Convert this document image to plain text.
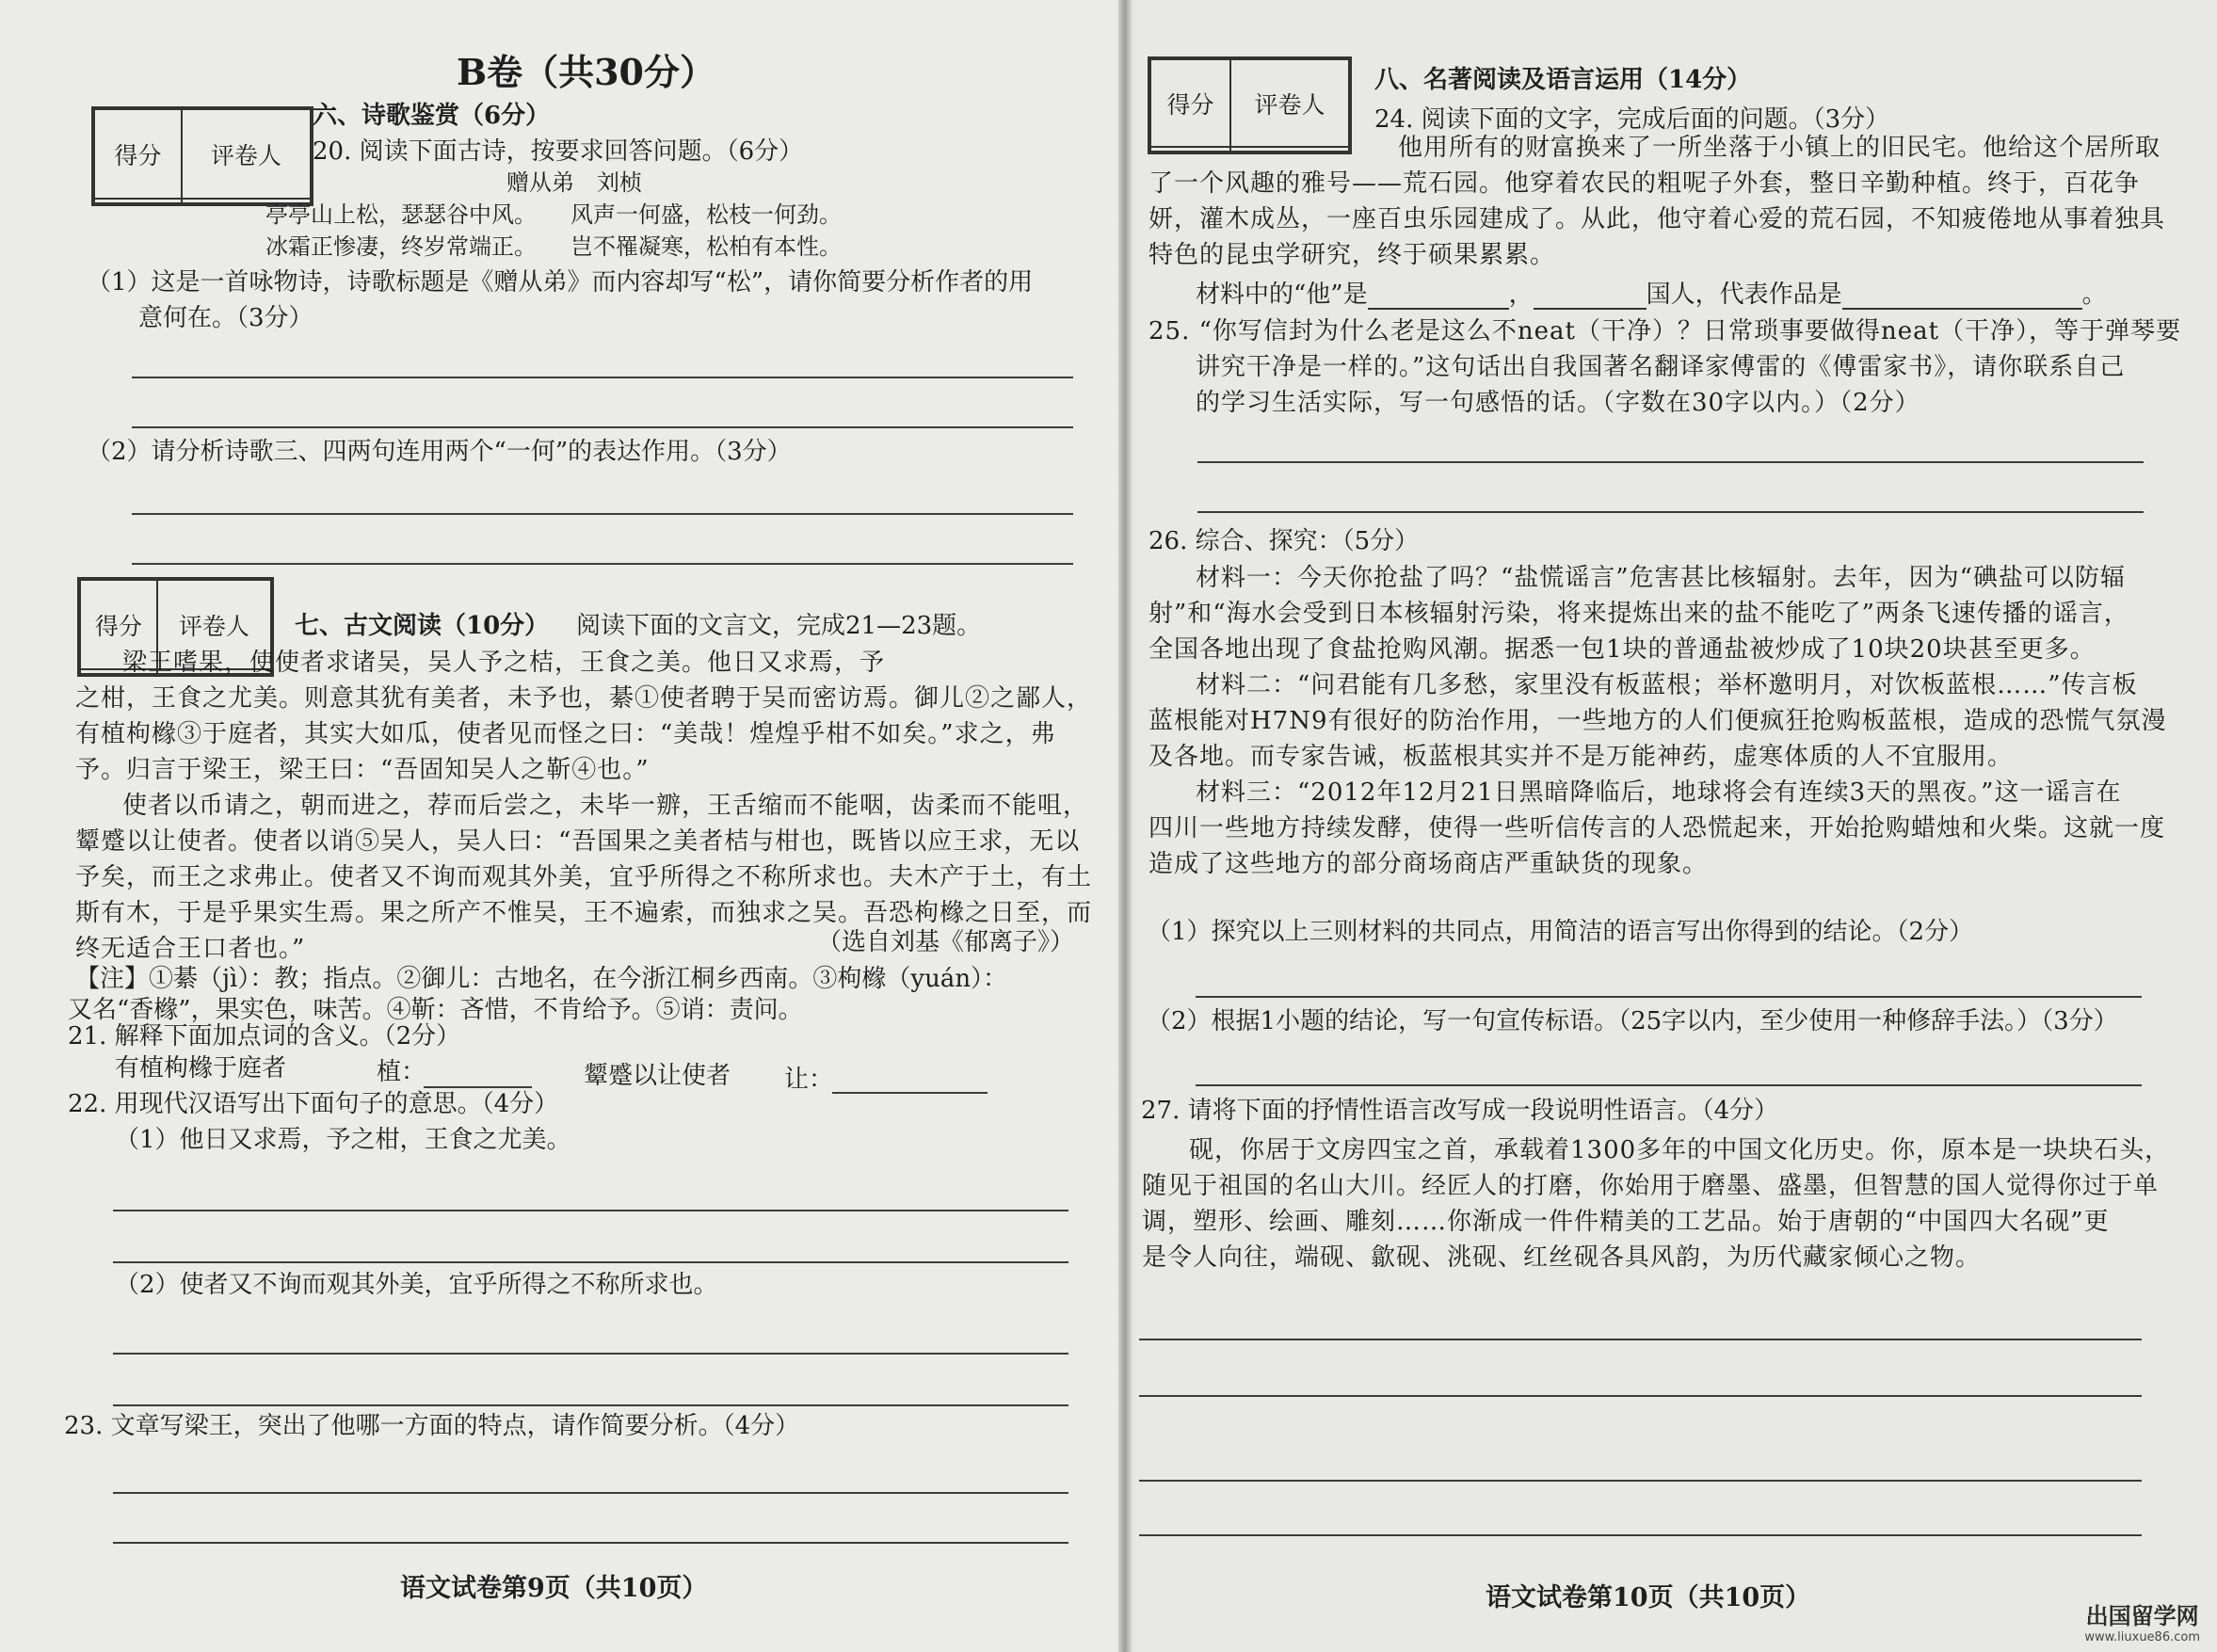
B卷（共30分）
得分	评卷人

六、诗歌鉴赏（6分）
20. 阅读下面古诗，按要求回答问题。（6分）
赠从弟　刘桢
亭亭山上松，瑟瑟谷中风。　　风声一何盛，松枝一何劲。
冰霜正惨凄，终岁常端正。　　岂不罹凝寒，松柏有本性。
（1）这是一首咏物诗，诗歌标题是《赠从弟》而内容却写“松”，请你简要分析作者的用
意何在。（3分）
（2）请分析诗歌三、四两句连用两个“一何”的表达作用。（3分）
得分	评卷人
	七、古文阅读（10分） 阅读下面的文言文，完成21—23题。
梁王嗜果，使使者求诸吴，吴人予之桔，王食之美。他日又求焉，予
之柑，王食之尤美。则意其犹有美者，未予也，綦①使者聘于吴而密访焉。御儿②之鄙人，
有植枸橼③于庭者，其实大如瓜，使者见而怪之曰：“美哉！煌煌乎柑不如矣。”求之，弗
予。归言于梁王，梁王曰：“吾固知吴人之靳④也。”
使者以币请之，朝而进之，荐而后尝之，未毕一辧，王舌缩而不能咽，齿柔而不能咀，
颦蹙以让使者。使者以诮⑤吴人，吴人曰：“吾国果之美者桔与柑也，既皆以应王求，无以
予矣，而王之求弗止。使者又不询而观其外美，宜乎所得之不称所求也。夫木产于土，有土
斯有木，于是乎果实生焉。果之所产不惟吴，王不遍索，而独求之吴。吾恐枸橼之日至，而
终无适合王口者也。”	（选自刘基《郁离子》）
【注】①綦（jì）：教；指点。②御儿：古地名，在今浙江桐乡西南。③枸橼（yuán）：
又名“香橼”，果实色，味苦。④靳：吝惜，不肯给予。⑤诮：责问。
21. 解释下面加点词的含义。（2分）
有植枸橼于庭者	植：	颦蹙以让使者 让：
22. 用现代汉语写出下面句子的意思。（4分）
（1）他日又求焉，予之柑，王食之尤美。
（2）使者又不询而观其外美，宜乎所得之不称所求也。
23. 文章写梁王，突出了他哪一方面的特点，请作简要分析。（4分）
语文试卷第9页（共10页）
得分	评卷人

八、名著阅读及语言运用（14分）
24. 阅读下面的文字，完成后面的问题。（3分）
他用所有的财富换来了一所坐落于小镇上的旧民宅。他给这个居所取
了一个风趣的雅号——荒石园。他穿着农民的粗呢子外套，整日辛勤种植。终于，百花争
妍，灌木成丛，一座百虫乐园建成了。从此，他守着心爱的荒石园，不知疲倦地从事着独具
特色的昆虫学研究，终于硕果累累。
材料中的“他”是	，	国人，代表作品是	。
25. “你写信封为什么老是这么不neat（干净）？日常琐事要做得neat（干净），等于弹琴要
讲究干净是一样的。”这句话出自我国著名翻译家傅雷的《傅雷家书》，请你联系自己
的学习生活实际，写一句感悟的话。（字数在30字以内。）（2分）
26. 综合、探究：（5分）
材料一：今天你抢盐了吗？“盐慌谣言”危害甚比核辐射。去年，因为“碘盐可以防辐
射”和“海水会受到日本核辐射污染，将来提炼出来的盐不能吃了”两条飞速传播的谣言，
全国各地出现了食盐抢购风潮。据悉一包1块的普通盐被炒成了10块20块甚至更多。
材料二：“问君能有几多愁，家里没有板蓝根；举杯邀明月，对饮板蓝根……”传言板
蓝根能对H7N9有很好的防治作用，一些地方的人们便疯狂抢购板蓝根，造成的恐慌气氛漫
及各地。而专家告诫，板蓝根其实并不是万能神药，虚寒体质的人不宜服用。
材料三：“2012年12月21日黑暗降临后，地球将会有连续3天的黑夜。”这一谣言在
四川一些地方持续发酵，使得一些听信传言的人恐慌起来，开始抢购蜡烛和火柴。这就一度
造成了这些地方的部分商场商店严重缺货的现象。
（1）探究以上三则材料的共同点，用简洁的语言写出你得到的结论。（2分）
（2）根据1小题的结论，写一句宣传标语。（25字以内，至少使用一种修辞手法。）（3分）
27. 请将下面的抒情性语言改写成一段说明性语言。（4分）
砚，你居于文房四宝之首，承载着1300多年的中国文化历史。你，原本是一块块石头，
随见于祖国的名山大川。经匠人的打磨，你始用于磨墨、盛墨，但智慧的国人觉得你过于单
调，塑形、绘画、雕刻……你渐成一件件精美的工艺品。始于唐朝的“中国四大名砚”更
是令人向往，端砚、歙砚、洮砚、红丝砚各具风韵，为历代藏家倾心之物。
语文试卷第10页（共10页）
出国留学网
www.liuxue86.com
